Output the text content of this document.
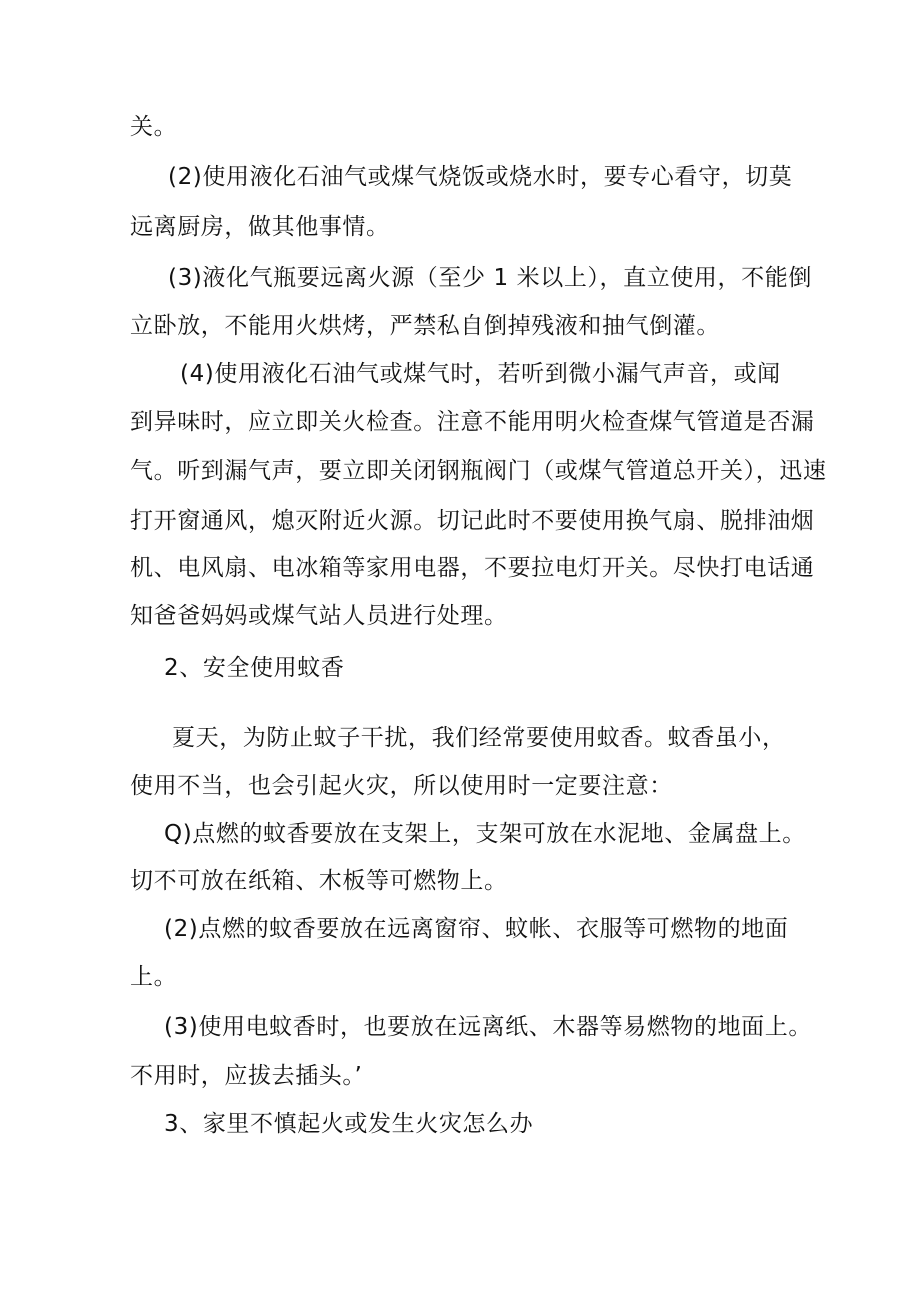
关。
(2)使用液化石油气或煤气烧饭或烧水时，要专心看守，切莫
远离厨房，做其他事情。
(3)液化气瓶要远离火源（至少 1 米以上），直立使用，不能倒
立卧放，不能用火烘烤，严禁私自倒掉残液和抽气倒灌。
(4)使用液化石油气或煤气时，若听到微小漏气声音，或闻
到异味时，应立即关火检查。注意不能用明火检查煤气管道是否漏
气。听到漏气声，要立即关闭钢瓶阀门（或煤气管道总开关），迅速
打开窗通风，熄灭附近火源。切记此时不要使用换气扇、脱排油烟
机、电风扇、电冰箱等家用电器，不要拉电灯开关。尽快打电话通
知爸爸妈妈或煤气站人员进行处理。
2、安全使用蚊香
夏天，为防止蚊子干扰，我们经常要使用蚊香。蚊香虽小，
使用不当，也会引起火灾，所以使用时一定要注意：
Q)点燃的蚊香要放在支架上，支架可放在水泥地、金属盘上。
切不可放在纸箱、木板等可燃物上。
(2)点燃的蚊香要放在远离窗帘、蚊帐、衣服等可燃物的地面
上。
(3)使用电蚊香时，也要放在远离纸、木器等易燃物的地面上。
不用时，应拔去插头。’
3、家里不慎起火或发生火灾怎么办
